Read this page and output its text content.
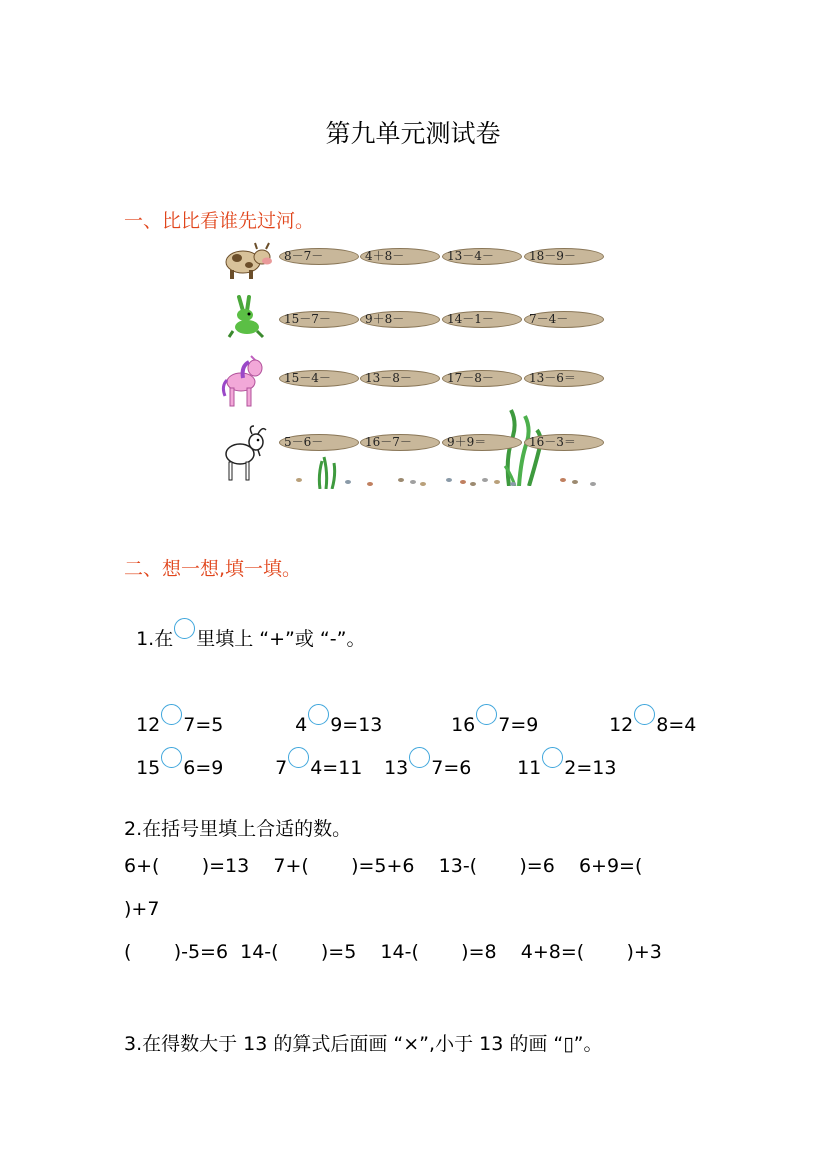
第九单元测试卷
一、比比看谁先过河。
8－7－	4＋8－	13－4－	18－9－
15－7－	9＋8－	14－1－	7－4－
15－4－	13－8－	17－8－	13－6＝
5－6－	16－7－	9＋9＝	16－3＝
二、想一想,填一填。

1.在 里填上 “+”或 “-”。

12 7=5	4 9=13	16 7=9	12 8=4

15 6=9	7 4=11	13 7=6	11 2=13

2.在括号里填上合适的数。
6+(       )=13    7+(       )=5+6    13-(       )=6    6+9=(
)+7
(       )-5=6  14-(       )=5    14-(       )=8    4+8=(       )+3
3.在得数大于 13 的算式后面画 “×”,小于 13 的画 “▯”。
